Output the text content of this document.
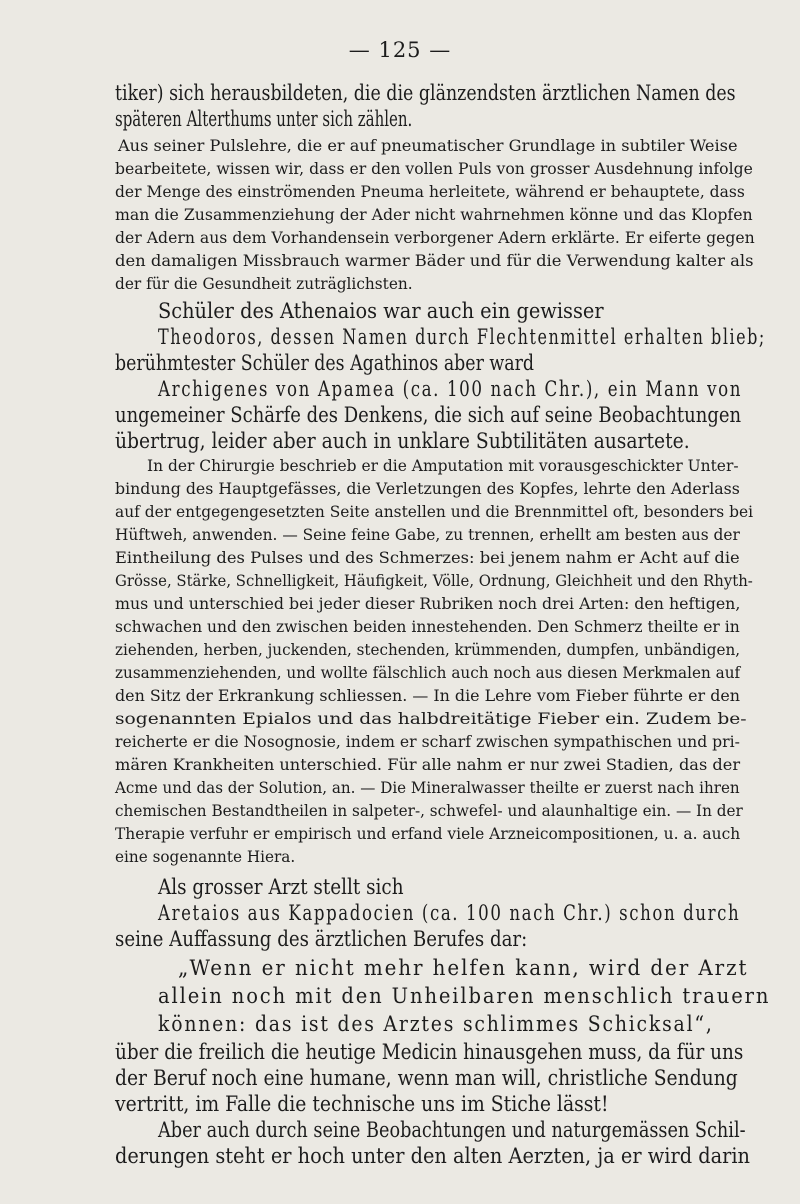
— 125 —
tiker) sich herausbildeten, die die glänzendsten ärztlichen Namen des
späteren Alterthums unter sich zählen.
Aus seiner Pulslehre, die er auf pneumatischer Grundlage in subtiler Weise
bearbeitete, wissen wir, dass er den vollen Puls von grosser Ausdehnung infolge
der Menge des einströmenden Pneuma herleitete, während er behauptete, dass
man die Zusammenziehung der Ader nicht wahrnehmen könne und das Klopfen
der Adern aus dem Vorhandensein verborgener Adern erklärte. Er eiferte gegen
den damaligen Missbrauch warmer Bäder und für die Verwendung kalter als
der für die Gesundheit zuträglichsten.
Schüler des Athenaios war auch ein gewisser
Theodoros, dessen Namen durch Flechtenmittel erhalten blieb;
berühmtester Schüler des Agathinos aber ward
Archigenes von Apamea (ca. 100 nach Chr.), ein Mann von
ungemeiner Schärfe des Denkens, die sich auf seine Beobachtungen
übertrug, leider aber auch in unklare Subtilitäten ausartete.
In der Chirurgie beschrieb er die Amputation mit vorausgeschickter Unter-
bindung des Hauptgefässes, die Verletzungen des Kopfes, lehrte den Aderlass
auf der entgegengesetzten Seite anstellen und die Brennmittel oft, besonders bei
Hüftweh, anwenden. — Seine feine Gabe, zu trennen, erhellt am besten aus der
Eintheilung des Pulses und des Schmerzes: bei jenem nahm er Acht auf die
Grösse, Stärke, Schnelligkeit, Häufigkeit, Völle, Ordnung, Gleichheit und den Rhyth-
mus und unterschied bei jeder dieser Rubriken noch drei Arten: den heftigen,
schwachen und den zwischen beiden innestehenden. Den Schmerz theilte er in
ziehenden, herben, juckenden, stechenden, krümmenden, dumpfen, unbändigen,
zusammenziehenden, und wollte fälschlich auch noch aus diesen Merkmalen auf
den Sitz der Erkrankung schliessen. — In die Lehre vom Fieber führte er den
sogenannten Epialos und das halbdreitätige Fieber ein. Zudem be-
reicherte er die Nosognosie, indem er scharf zwischen sympathischen und pri-
mären Krankheiten unterschied. Für alle nahm er nur zwei Stadien, das der
Acme und das der Solution, an. — Die Mineralwasser theilte er zuerst nach ihren
chemischen Bestandtheilen in salpeter-, schwefel- und alaunhaltige ein. — In der
Therapie verfuhr er empirisch und erfand viele Arzneicompositionen, u. a. auch
eine sogenannte Hiera.
Als grosser Arzt stellt sich
Aretaios aus Kappadocien (ca. 100 nach Chr.) schon durch
seine Auffassung des ärztlichen Berufes dar:
„Wenn er nicht mehr helfen kann, wird der Arzt
allein noch mit den Unheilbaren menschlich trauern
können: das ist des Arztes schlimmes Schicksal“,
über die freilich die heutige Medicin hinausgehen muss, da für uns
der Beruf noch eine humane, wenn man will, christliche Sendung
vertritt, im Falle die technische uns im Stiche lässt!
Aber auch durch seine Beobachtungen und naturgemässen Schil-
derungen steht er hoch unter den alten Aerzten, ja er wird darin
